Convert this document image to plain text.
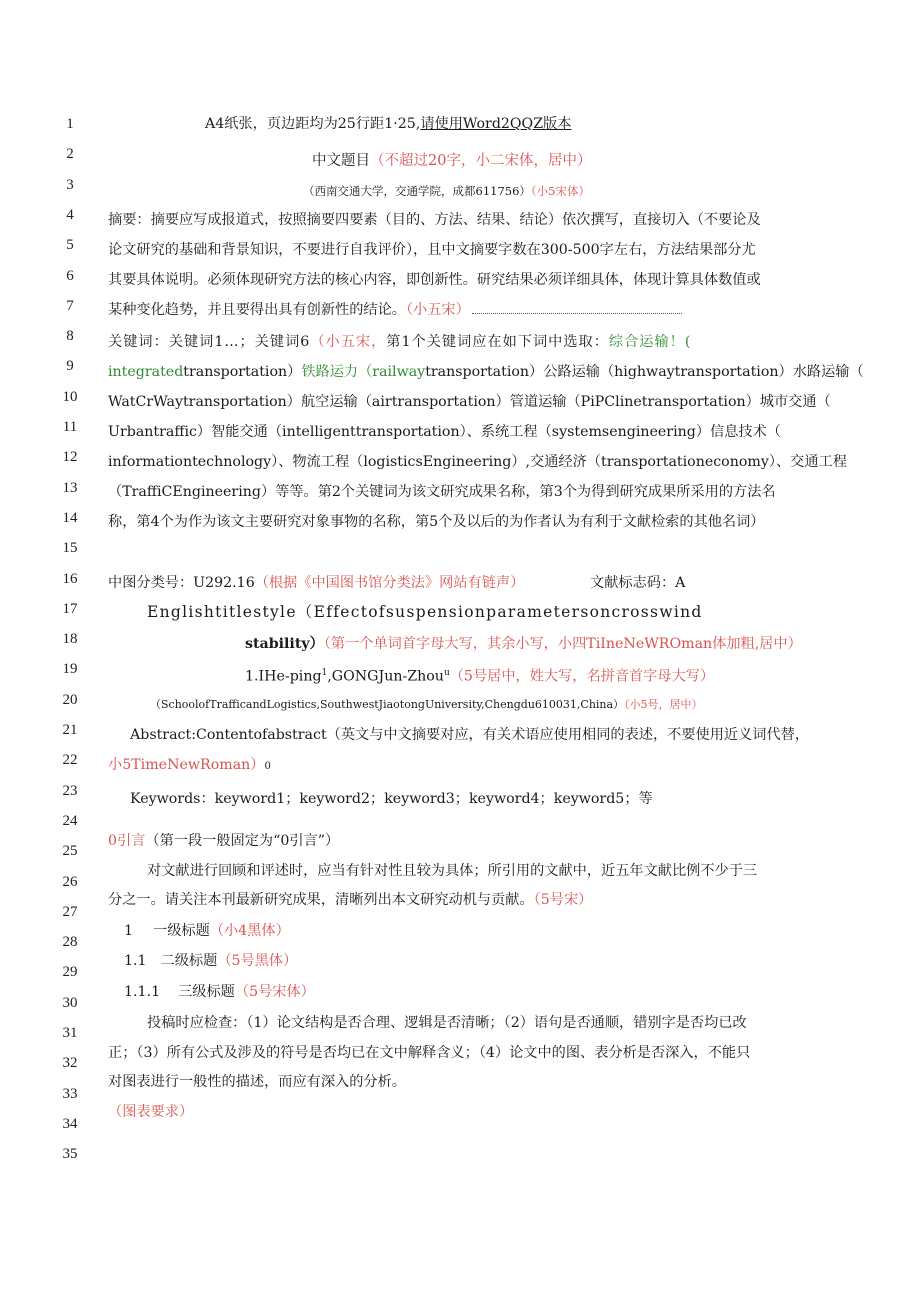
1
2
3
4
5
6
7
8
9
10
11
12
13
14
15
16
17
18
19
20
21
22
23
24
25
26
27
28
29
30
31
32
33
34
35
A4纸张，页边距均为25行距1·25,请使用Word2QQZ版本
中文题目（不超过20字，小二宋体，居中）
（西南交通大学，交通学院，成都611756）（小5宋体）
摘要：摘要应写成报道式，按照摘要四要素（目的、方法、结果、结论）依次撰写，直接切入（不要论及
论文研究的基础和背景知识，不要进行自我评价），且中文摘要字数在300-500字左右，方法结果部分尤
其要具体说明。必须体现研究方法的核心内容，即创新性。研究结果必须详细具体，体现计算具体数值或
某种变化趋势，并且要得出具有创新性的结论。（小五宋）
关键词：关键词1…；关键词6（小五宋，第1个关键词应在如下词中选取：综合运输！(
integratedtransportation）铁路运力（railwaytransportation）公路运输（highwaytransportation）水路运输（
WatCrWaytransportation）航空运输（airtransportation）管道运输（PiPClinetransportation）城市交通（
Urbantraffic）智能交通（intelligenttransportation）、系统工程（systemsengineering）信息技术（
informationtechnology）、物流工程（logisticsEngineering）,交通经济（transportationeconomy）、交通工程
（TraffiCEngineering）等等。第2个关键词为该文研究成果名称，第3个为得到研究成果所采用的方法名
称，第4个为作为该文主要研究对象事物的名称，第5个及以后的为作者认为有利于文献检索的其他名词）
中图分类号：U292.16（根据《中国图书馆分类法》网站有链声）	文献标志码：A
Englishtitlestyle（Effectofsuspensionparametersoncrosswind
stability）（第一个单词首字母大写，其余小写，小四TiIneNeWROman体加粗,居中）
1.IHe-ping$^1$,GONGJun-Zhou$^u$（5号居中，姓大写，名拼音首字母大写）
（SchoolofTrafficandLogistics,SouthwestJiaotongUniversity,Chengdu610031,China）（小5号，居中）
Abstract:Contentofabstract（英文与中文摘要对应，有关术语应使用相同的表述，不要使用近义词代替，
小5TimeNewRoman）0
Keywords：keyword1；keyword2；keyword3；keyword4；keyword5；等
0引言（第一段一般固定为“0引言”）
对文献进行回顾和评述时，应当有针对性且较为具体；所引用的文献中，近五年文献比例不少于三
分之一。请关注本刊最新研究成果，清晰列出本文研究动机与贡献。（5号宋）
1 一级标题（小4黑体）
1.1 二级标题（5号黑体）
1.1.1 三级标题（5号宋体）
投稿时应检查：（1）论文结构是否合理、逻辑是否清晰；（2）语句是否通顺，错别字是否均已改
正；（3）所有公式及涉及的符号是否均已在文中解释含义；（4）论文中的图、表分析是否深入，不能只
对图表进行一般性的描述，而应有深入的分析。
（图表要求）
